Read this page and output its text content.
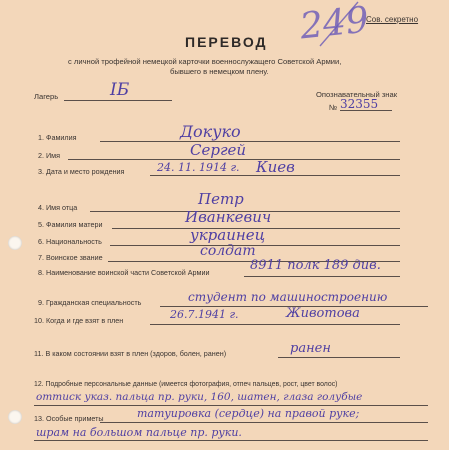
Сов. секретно
249
ПЕРЕВОД
с личной трофейной немецкой карточки военнослужащего Советской Армии,
бывшего в немецком плену.
Лагерь	IБ	Опознавательный знак
№ 32355
1. Фамилия	Докуко
2. Имя	Сергей
3. Дата и место рождения	24. 11. 1914 г. Киев
4. Имя отца	Петр
5. Фамилия матери	Иванкевич
6. Национальность	украинец
7. Воинское звание	солдат
8. Наименование воинской части Советской Армии	8911 полк 189 див.
9. Гражданская специальность	студент по машиностроению
10. Когда и где взят в плен	26.7.1941 г.	Животова
11. В каком состоянии взят в плен (здоров, болен, ранен)	ранен
12. Подробные персональные данные (имеется фотография, отпеч пальцев, рост, цвет волос)
оттиск указ. пальца пр. руки, 160, шатен, глаза голубые
13. Особые приметы	татуировка (сердце) на правой руке;
шрам на большом пальце пр. руки.
